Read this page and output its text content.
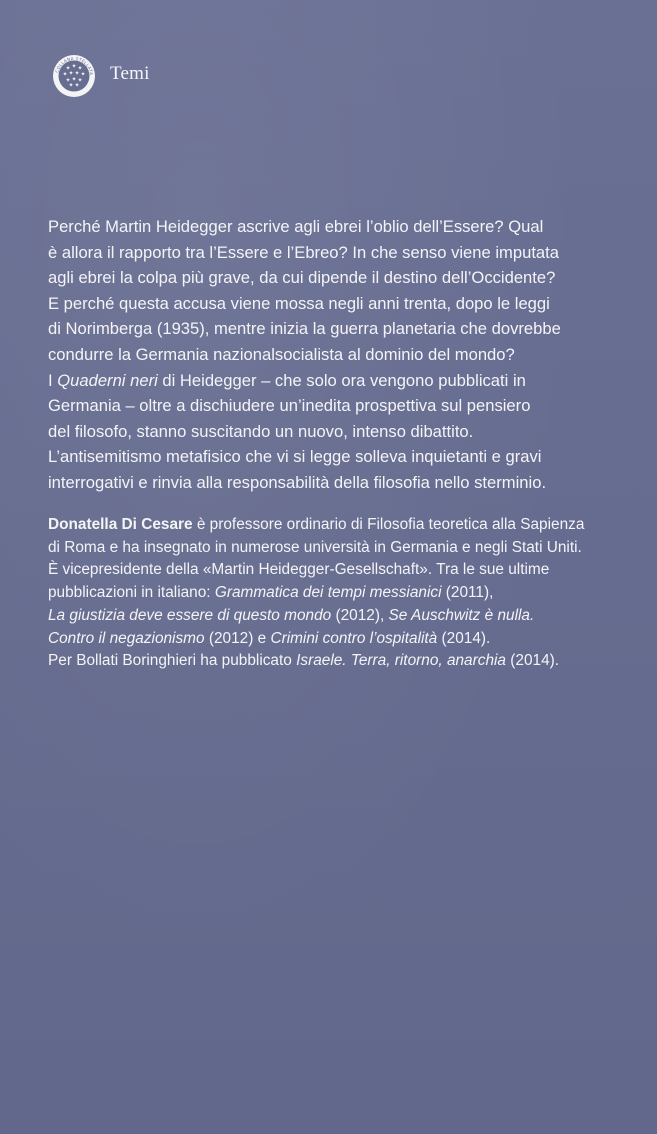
✦ ✦ ✦
✦ ✦ ✦ ✦
✦ ✦ ✦
✦ ✦
COLLANA STELLATA Temi
Perché Martin Heidegger ascrive agli ebrei l’oblio dell’Essere? Qual
è allora il rapporto tra l’Essere e l’Ebreo? In che senso viene imputata
agli ebrei la colpa più grave, da cui dipende il destino dell’Occidente?
E perché questa accusa viene mossa negli anni trenta, dopo le leggi
di Norimberga (1935), mentre inizia la guerra planetaria che dovrebbe
condurre la Germania nazionalsocialista al dominio del mondo?
I Quaderni neri di Heidegger – che solo ora vengono pubblicati in
Germania – oltre a dischiudere un’inedita prospettiva sul pensiero
del filosofo, stanno suscitando un nuovo, intenso dibattito.
L’antisemitismo metafisico che vi si legge solleva inquietanti e gravi
interrogativi e rinvia alla responsabilità della filosofia nello sterminio.
Donatella Di Cesare è professore ordinario di Filosofia teoretica alla Sapienza
di Roma e ha insegnato in numerose università in Germania e negli Stati Uniti.
È vicepresidente della «Martin Heidegger-Gesellschaft». Tra le sue ultime
pubblicazioni in italiano: Grammatica dei tempi messianici (2011),
La giustizia deve essere di questo mondo (2012), Se Auschwitz è nulla.
Contro il negazionismo (2012) e Crimini contro l’ospitalità (2014).
Per Bollati Boringhieri ha pubblicato Israele. Terra, ritorno, anarchia (2014).
